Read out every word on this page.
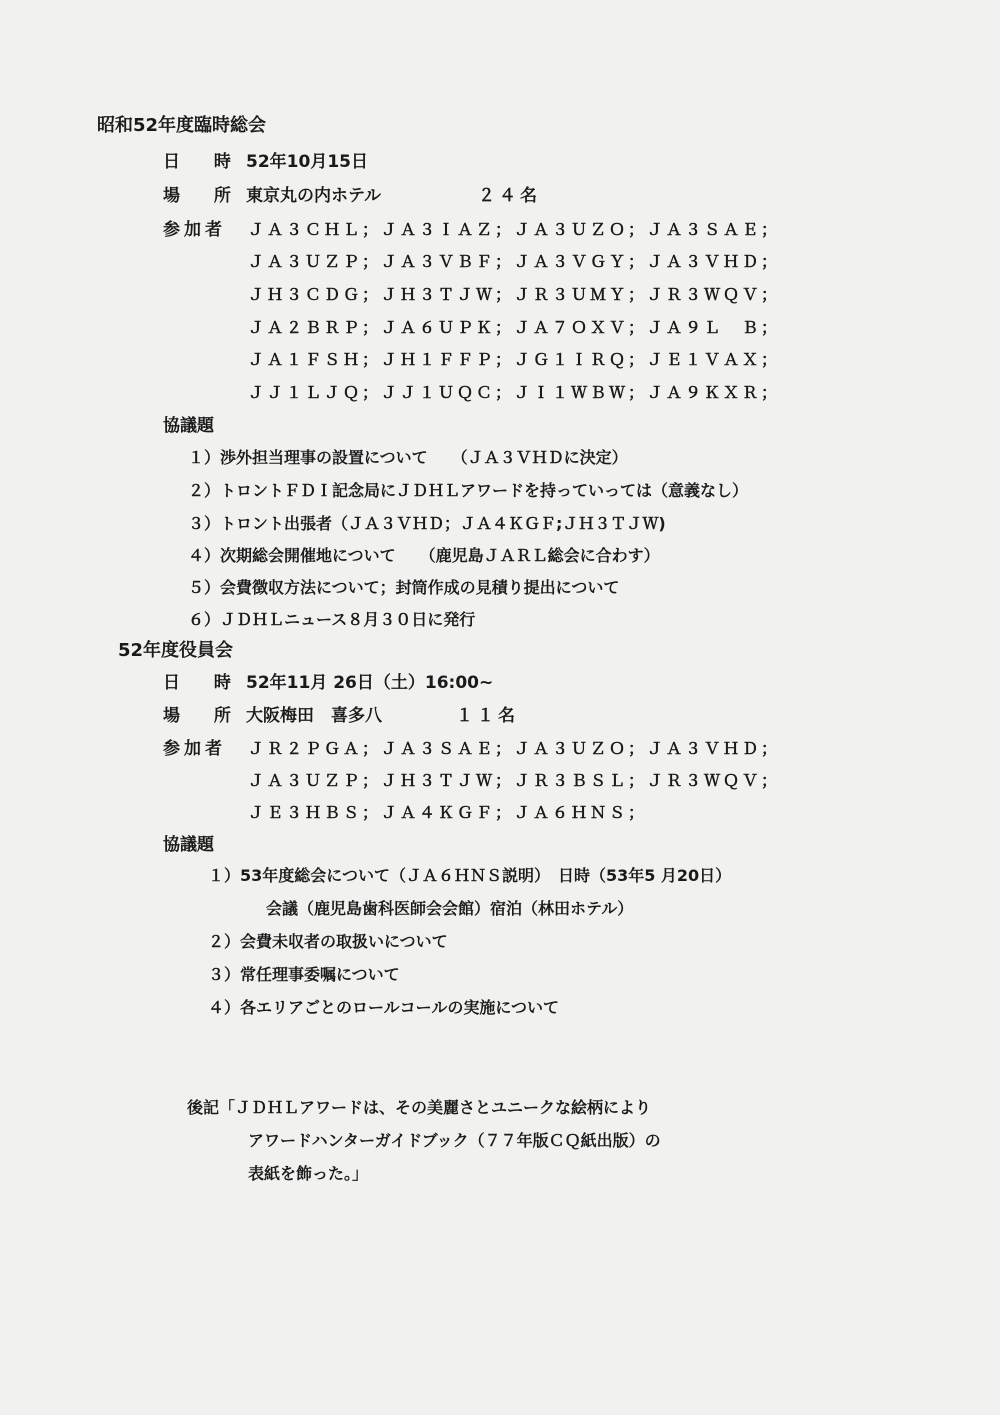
昭和52年度臨時総会
日 時 52年10月15日
場 所 東京丸の内ホテル	２４名
参加者 ＪＡ３ＣＨＬ；ＪＡ３ＩＡＺ；ＪＡ３ＵＺＯ；ＪＡ３ＳＡＥ；
ＪＡ３ＵＺＰ；ＪＡ３ＶＢＦ；ＪＡ３ＶＧＹ；ＪＡ３ＶＨＤ；
ＪＨ３ＣＤＧ；ＪＨ３ＴＪＷ；ＪＲ３ＵＭＹ；ＪＲ３ＷＱＶ；
ＪＡ２ＢＲＰ；ＪＡ６ＵＰＫ；ＪＡ７ＯＸＶ；ＪＡ９Ｌ　Ｂ；
ＪＡ１ＦＳＨ；ＪＨ１ＦＦＰ；ＪＧ１ＩＲＱ；ＪＥ１ＶＡＸ；
ＪＪ１ＬＪＱ；ＪＪ１ＵＱＣ；ＪＩ１ＷＢＷ；ＪＡ９ＫＸＲ；
協議題
１）渉外担当理事の設置について　　（ＪＡ３ＶＨＤに決定）
２）トロントＦＤＩ記念局にＪＤＨＬアワードを持っていっては（意義なし）
３）トロント出張者（ＪＡ３ＶＨＤ；ＪＡ４ＫＧＦ;ＪＨ３ＴＪＷ)
４）次期総会開催地について　　（鹿児島ＪＡＲＬ総会に合わす）
５）会費徴収方法について；封筒作成の見積り提出について
６）ＪＤＨＬニュース８月３０日に発行
52年度役員会
日 時 52年11月 26日（土）16:00~
場 所 大阪梅田　喜多八	１１名
参加者 ＪＲ２ＰＧＡ；ＪＡ３ＳＡＥ；ＪＡ３ＵＺＯ；ＪＡ３ＶＨＤ；
ＪＡ３ＵＺＰ；ＪＨ３ＴＪＷ；ＪＲ３ＢＳＬ；ＪＲ３ＷＱＶ；
ＪＥ３ＨＢＳ；ＪＡ４ＫＧＦ；ＪＡ６ＨＮＳ；
協議題
１）53年度総会について（ＪＡ６ＨＮＳ説明）　日時（53年5 月20日）
会議（鹿児島歯科医師会会館）宿泊（林田ホテル）
２）会費未収者の取扱いについて
３）常任理事委嘱について
４）各エリアごとのロールコールの実施について
後記「ＪＤＨＬアワードは、その美麗さとユニークな絵柄により
アワードハンターガイドブック（７７年版ＣＱ紙出版）の
表紙を飾った。」
